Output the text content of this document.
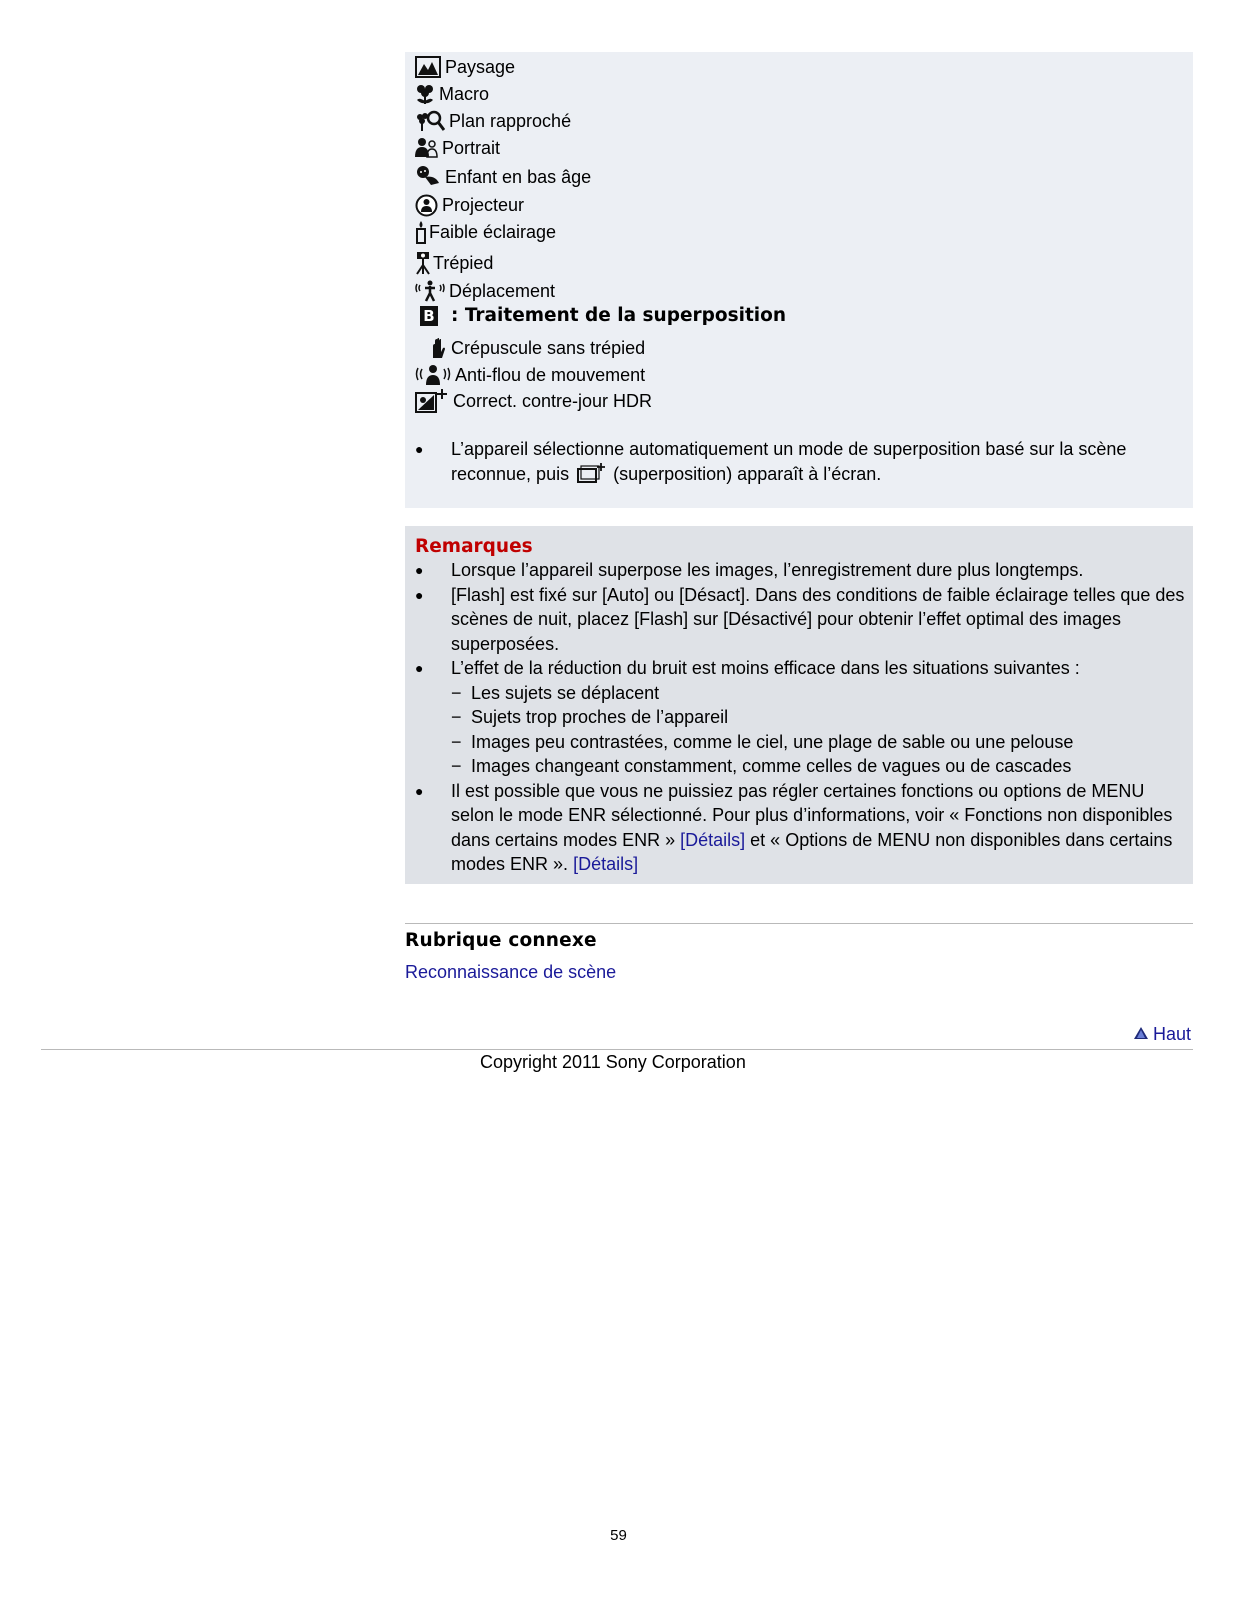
Paysage
Macro
Plan rapproché
Portrait
Enfant en bas âge
Projecteur
Faible éclairage
Trépied
Déplacement
B : Traitement de la superposition
Crépuscule sans trépied
Anti-flou de mouvement
Correct. contre-jour HDR
●	L’appareil sélectionne automatiquement un mode de superposition basé sur la scène reconnue, puis (superposition) apparaît à l’écran.
Remarques
● Lorsque l’appareil superpose les images, l’enregistrement dure plus longtemps.
● [Flash] est fixé sur [Auto] ou [Désact]. Dans des conditions de faible éclairage telles que des scènes de nuit, placez [Flash] sur [Désactivé] pour obtenir l’effet optimal des images superposées.
● L’effet de la réduction du bruit est moins efficace dans les situations suivantes :
− Les sujets se déplacent
− Sujets trop proches de l’appareil
− Images peu contrastées, comme le ciel, une plage de sable ou une pelouse
− Images changeant constamment, comme celles de vagues ou de cascades
● Il est possible que vous ne puissiez pas régler certaines fonctions ou options de MENU selon le mode ENR sélectionné. Pour plus d’informations, voir « Fonctions non disponibles dans certains modes ENR » [Détails] et « Options de MENU non disponibles dans certains modes ENR ». [Détails]
Rubrique connexe
Reconnaissance de scène
Haut
Copyright 2011 Sony Corporation
59
